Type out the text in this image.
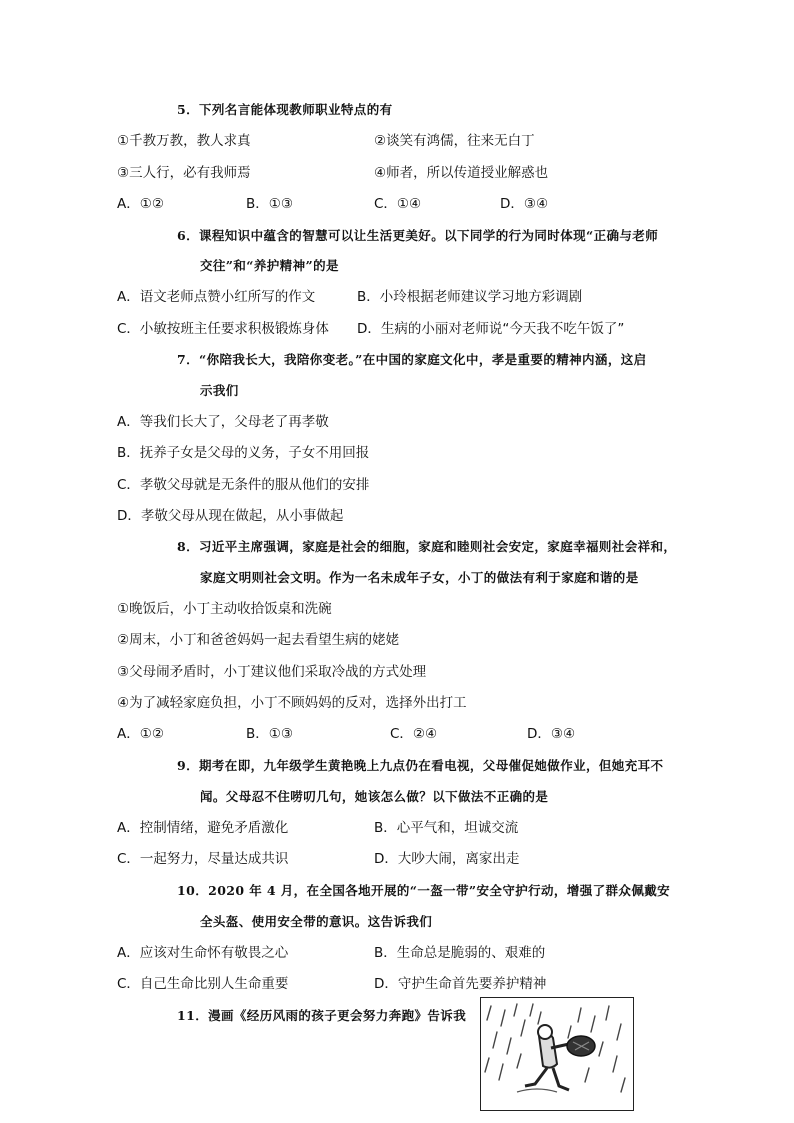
5．下列名言能体现教师职业特点的有
①千教万教，教人求真	②谈笑有鸿儒，往来无白丁
③三人行，必有我师焉	④师者，所以传道授业解惑也
A．①②	B．①③	C．①④	D．③④
6．课程知识中蕴含的智慧可以让生活更美好。以下同学的行为同时体现“正确与老师
交往”和“养护精神”的是
A．语文老师点赞小红所写的作文	B．小玲根据老师建议学习地方彩调剧
C．小敏按班主任要求积极锻炼身体 D．生病的小丽对老师说“今天我不吃午饭了”
7．“你陪我长大，我陪你变老。”在中国的家庭文化中，孝是重要的精神内涵，这启
示我们
A．等我们长大了，父母老了再孝敬
B．抚养子女是父母的义务，子女不用回报
C．孝敬父母就是无条件的服从他们的安排
D．孝敬父母从现在做起，从小事做起
8．习近平主席强调，家庭是社会的细胞，家庭和睦则社会安定，家庭幸福则社会祥和，
家庭文明则社会文明。作为一名未成年子女，小丁的做法有利于家庭和谐的是
①晚饭后，小丁主动收拾饭桌和洗碗
②周末，小丁和爸爸妈妈一起去看望生病的姥姥
③父母闹矛盾时，小丁建议他们采取冷战的方式处理
④为了减轻家庭负担，小丁不顾妈妈的反对，选择外出打工
A．①②	B．①③	C．②④	D．③④
9．期考在即，九年级学生黄艳晚上九点仍在看电视，父母催促她做作业，但她充耳不
闻。父母忍不住唠叨几句，她该怎么做？以下做法不正确的是
A．控制情绪，避免矛盾激化	B．心平气和，坦诚交流
C．一起努力，尽量达成共识	D．大吵大闹，离家出走
10．2020 年 4 月，在全国各地开展的“一盔一带”安全守护行动，增强了群众佩戴安
全头盔、使用安全带的意识。这告诉我们
A．应该对生命怀有敬畏之心	B．生命总是脆弱的、艰难的
C．自己生命比别人生命重要	D．守护生命首先要养护精神
11．漫画《经历风雨的孩子更会努力奔跑》告诉我
